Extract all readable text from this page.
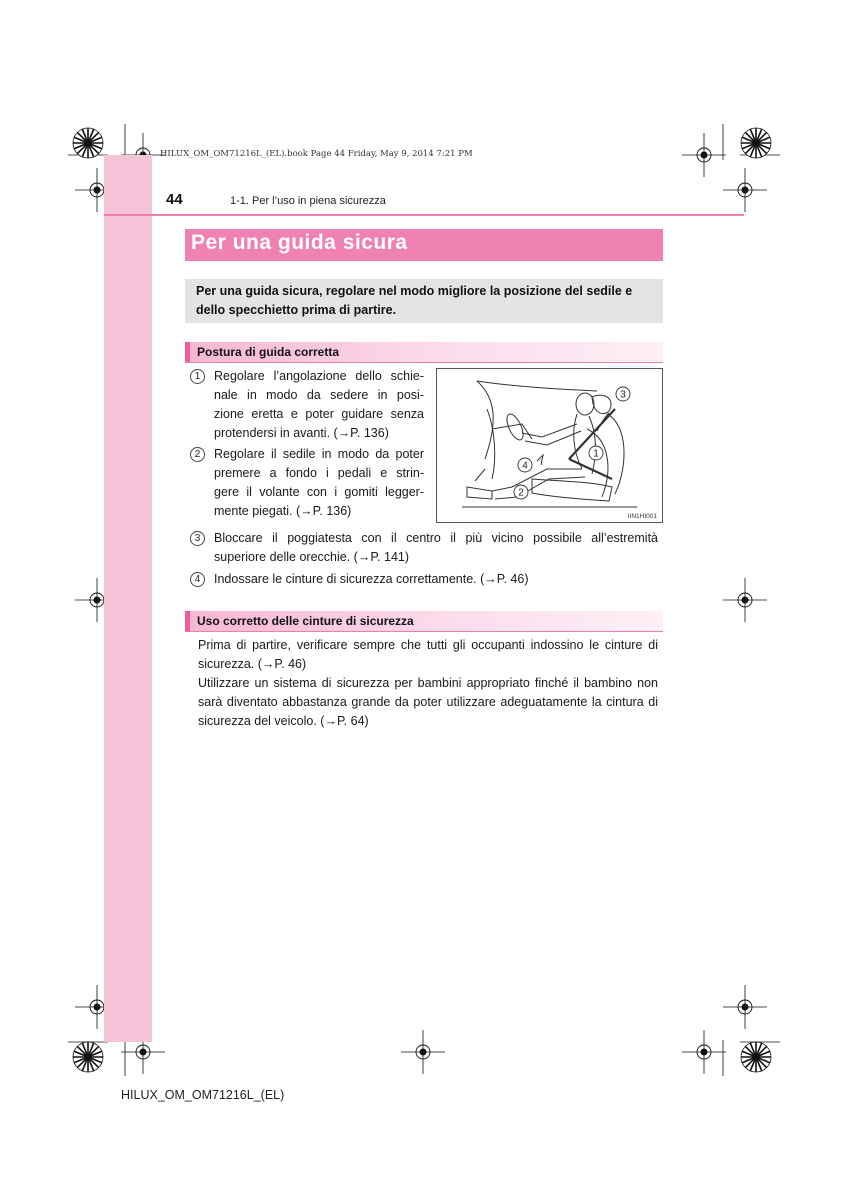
HILUX_OM_OM71216L_(EL).book Page 44 Friday, May 9, 2014 7:21 PM
44	1-1. Per l’uso in piena sicurezza
Per una guida sicura

Per una guida sicura, regolare nel modo migliore la posizione del sedile e dello specchietto prima di partire.

Postura di guida corretta
1	Regolare l’angolazione dello schie-
nale in modo da sedere in posi-
zione eretta e poter guidare senza
protendersi in avanti. (→P. 136)
2	Regolare il sedile in modo da poter
premere a fondo i pedali e strin-
gere il volante con i gomiti legger-
mente piegati. (→P. 136)
3	Bloccare il poggiatesta con il centro il più vicino possibile all’estremità
superiore delle orecchie. (→P. 141)
4	Indossare le cinture di sicurezza correttamente. (→P. 46)
3
1
4
2
IIN1HI001
Uso corretto delle cinture di sicurezza

Prima di partire, verificare sempre che tutti gli occupanti indossino le cinture di sicurezza. (→P. 46)

Utilizzare un sistema di sicurezza per bambini appropriato finché il bambino non sarà diventato abbastanza grande da poter utilizzare adeguatamente la cintura di sicurezza del veicolo. (→P. 64)

HILUX_OM_OM71216L_(EL)
